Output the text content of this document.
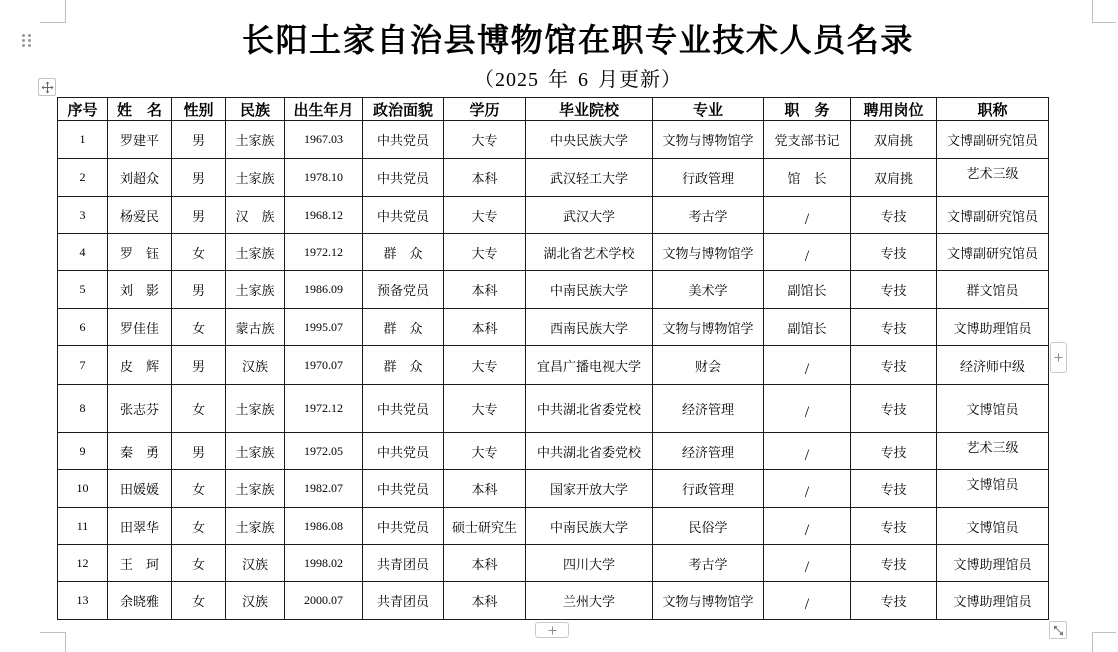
长阳土家自治县博物馆在职专业技术人员名录
（2025 年 6 月更新）
序号	姓　名	性别	民族	出生年月	政治面貌	学历	毕业院校	专业	职　务	聘用岗位	职称
1	罗建平	男	土家族	1967.03	中共党员	大专	中央民族大学	文物与博物馆学	党支部书记	双肩挑	文博副研究馆员
2	刘超众	男	土家族	1978.10	中共党员	本科	武汉轻工大学	行政管理	馆　长	双肩挑	艺术三级
3	杨爱民	男	汉　族	1968.12	中共党员	大专	武汉大学	考古学	/	专技	文博副研究馆员
4	罗　钰	女	土家族	1972.12	群　众	大专	湖北省艺术学校	文物与博物馆学	/	专技	文博副研究馆员
5	刘　影	男	土家族	1986.09	预备党员	本科	中南民族大学	美术学	副馆长	专技	群文馆员
6	罗佳佳	女	蒙古族	1995.07	群　众	本科	西南民族大学	文物与博物馆学	副馆长	专技	文博助理馆员
7	皮　辉	男	汉族	1970.07	群　众	大专	宜昌广播电视大学	财会	/	专技	经济师中级
8	张志芬	女	土家族	1972.12	中共党员	大专	中共湖北省委党校	经济管理	/	专技	文博馆员
9	秦　勇	男	土家族	1972.05	中共党员	大专	中共湖北省委党校	经济管理	/	专技	艺术三级
10	田媛媛	女	土家族	1982.07	中共党员	本科	国家开放大学	行政管理	/	专技	文博馆员
11	田翠华	女	土家族	1986.08	中共党员	硕士研究生	中南民族大学	民俗学	/	专技	文博馆员
12	王　珂	女	汉族	1998.02	共青团员	本科	四川大学	考古学	/	专技	文博助理馆员
13	余晓雅	女	汉族	2000.07	共青团员	本科	兰州大学	文物与博物馆学	/	专技	文博助理馆员
